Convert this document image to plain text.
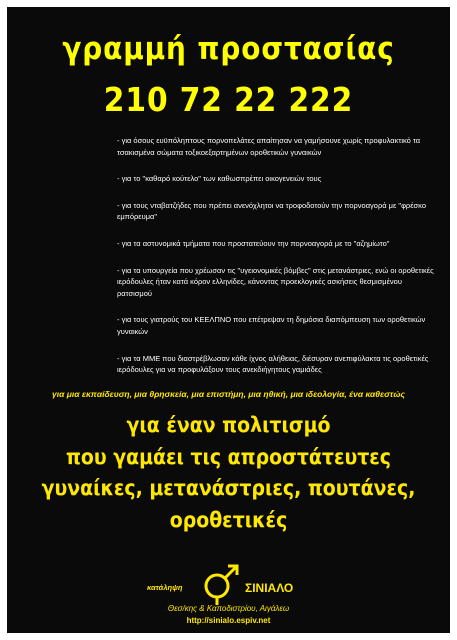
γραμμή προστασίας
210 72 22 222
- για όσους ευϋπόληπτους πορνοπελάτες απαίτησαν να γαμήσουνε χωρίς προφυλακτικό τα τσακισμένα σώματα τοξικοεξαρτημένων οροθετικών γυναικών
- για το "καθαρό κούτελο" των καθωσπρέπει οικογενειών τους
- για τους νταβατζήδες που πρέπει ανενόχλητοι να τροφοδοτούν την πορνοαγορά με "φρέσκο εμπόρευμα"
- για τα αστυνομικά τμήματα που προστατεύουν την πορνοαγορά με το "αζημίωτο"
- για τα υπουργεία που χρέωσαν τις "υγειονομικές βόμβες" στις μετανάστριες, ενώ οι οροθετικές ιερόδουλες ήταν κατά κόρον ελληνίδες, κάνοντας προεκλογικές ασκήσεις θεσμισμένου ρατσισμού
- για τους γιατρούς του ΚΕΕΛΠΝΟ που επέτρεψαν τη δημόσια διαπόμπευση των οροθετικών γυναικών
- για τα ΜΜΕ που διαστρέβλωσαν κάθε ίχνος αλήθειας, διέσυραν ανεπιφύλακτα τις οροθετικές ιερόδουλες για να προφυλάξουν τους ανεκδιήγητους γαμιάδες
για μια εκπαίδευση, μια θρησκεία, μια επιστήμη, μια ηθική, μια ιδεολογία, ένα καθεστώς
για έναν πολιτισμό
που γαμάει τις απροστάτευτες
γυναίκες, μετανάστριες, πουτάνες,
οροθετικές
κατάληψη	ΣΙΝΙΑΛΟ
Θεσ/κης & Καποδιστρίου, Αιγάλεω
http://sinialo.espiv.net
